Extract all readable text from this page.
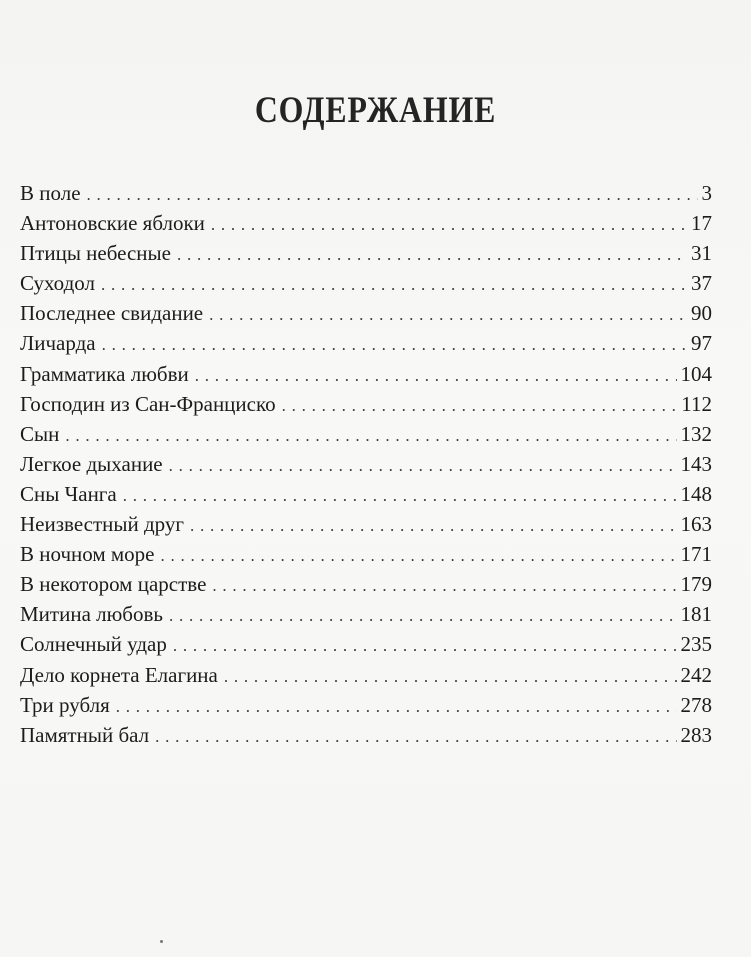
СОДЕРЖАНИЕ
В поле . . .	3
Антоновские яблоки . . .	17
Птицы небесные . . .	31
Суходол . . .	37
Последнее свидание . . .	90
Личарда . . .	97
Грамматика любви . . .	104
Господин из Сан-Франциско . . .	112
Сын . . .	132
Легкое дыхание . . .	143
Сны Чанга . . .	148
Неизвестный друг . . .	163
В ночном море . . .	171
В некотором царстве . . .	179
Митина любовь . . .	181
Солнечный удар . . .	235
Дело корнета Елагина . . .	242
Три рубля . . .	278
Памятный бал . . .	283
